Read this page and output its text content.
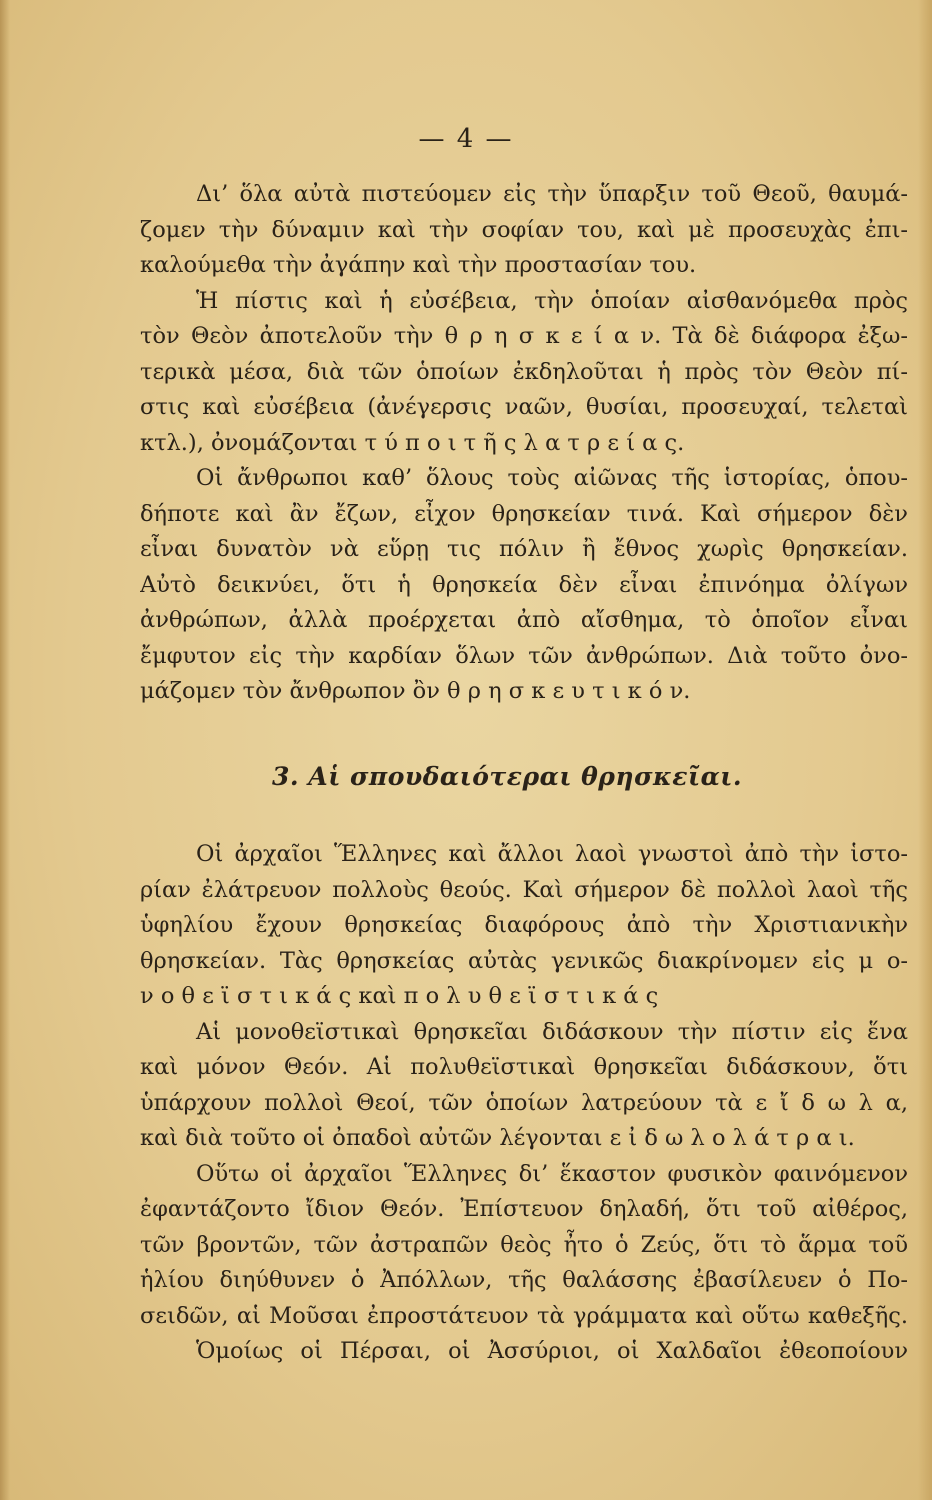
— 4 —
Δι’ ὅλα αὐτὰ πιστεύομεν εἰς τὴν ὕπαρξιν τοῦ Θεοῦ, θαυμά-
ζομεν τὴν δύναμιν καὶ τὴν σοφίαν του, καὶ μὲ προσευχὰς ἐπι-
καλούμεθα τὴν ἀγάπην καὶ τὴν προστασίαν του.
Ἡ πίστις καὶ ἡ εὐσέβεια, τὴν ὁποίαν αἰσθανόμεθα πρὸς
τὸν Θεὸν ἀποτελοῦν τὴν θ ρ η σ κ ε ί α ν. Τὰ δὲ διάφορα ἐξω-
τερικὰ μέσα, διὰ τῶν ὁποίων ἐκδηλοῦται ἡ πρὸς τὸν Θεὸν πί-
στις καὶ εὐσέβεια (ἀνέγερσις ναῶν, θυσίαι, προσευχαί, τελεταὶ
κτλ.), ὀνομάζονται τ ύ π ο ι τ ῆ ς λ α τ ρ ε ί α ς.
Οἱ ἄνθρωποι καθ’ ὅλους τοὺς αἰῶνας τῆς ἱστορίας, ὁπου-
δήποτε καὶ ἂν ἔζων, εἶχον θρησκείαν τινά. Καὶ σήμερον δὲν
εἶναι δυνατὸν νὰ εὕρῃ τις πόλιν ἢ ἔθνος χωρὶς θρησκείαν.
Αὐτὸ δεικνύει, ὅτι ἡ θρησκεία δὲν εἶναι ἐπινόημα ὀλίγων
ἀνθρώπων, ἀλλὰ προέρχεται ἀπὸ αἴσθημα, τὸ ὁποῖον εἶναι
ἔμφυτον εἰς τὴν καρδίαν ὅλων τῶν ἀνθρώπων. Διὰ τοῦτο ὀνο-
μάζομεν τὸν ἄνθρωπον ὂν θ ρ η σ κ ε υ τ ι κ ό ν.
3. Αἱ σπουδαιότεραι θρησκεῖαι.
Οἱ ἀρχαῖοι Ἕλληνες καὶ ἄλλοι λαοὶ γνωστοὶ ἀπὸ τὴν ἱστο-
ρίαν ἐλάτρευον πολλοὺς θεούς. Καὶ σήμερον δὲ πολλοὶ λαοὶ τῆς
ὑφηλίου ἔχουν θρησκείας διαφόρους ἀπὸ τὴν Χριστιανικὴν
θρησκείαν. Τὰς θρησκείας αὐτὰς γενικῶς διακρίνομεν εἰς μ ο-
ν ο θ ε ϊ σ τ ι κ ά ς καὶ π ο λ υ θ ε ϊ σ τ ι κ ά ς
Αἱ μονοθεϊστικαὶ θρησκεῖαι διδάσκουν τὴν πίστιν εἰς ἕνα
καὶ μόνον Θεόν. Αἱ πολυθεϊστικαὶ θρησκεῖαι διδάσκουν, ὅτι
ὑπάρχουν πολλοὶ Θεοί, τῶν ὁποίων λατρεύουν τὰ ε ἴ δ ω λ α,
καὶ διὰ τοῦτο οἱ ὀπαδοὶ αὐτῶν λέγονται ε ἰ δ ω λ ο λ ά τ ρ α ι.
Οὕτω οἱ ἀρχαῖοι Ἕλληνες δι’ ἕκαστον φυσικὸν φαινόμενον
ἐφαντάζοντο ἴδιον Θεόν. Ἐπίστευον δηλαδή, ὅτι τοῦ αἰθέρος,
τῶν βροντῶν, τῶν ἀστραπῶν θεὸς ἦτο ὁ Ζεύς, ὅτι τὸ ἅρμα τοῦ
ἡλίου διηύθυνεν ὁ Ἀπόλλων, τῆς θαλάσσης ἐβασίλευεν ὁ Πο-
σειδῶν, αἱ Μοῦσαι ἐπροστάτευον τὰ γράμματα καὶ οὕτω καθεξῆς.
Ὁμοίως οἱ Πέρσαι, οἱ Ἀσσύριοι, οἱ Χαλδαῖοι ἐθεοποίουν
